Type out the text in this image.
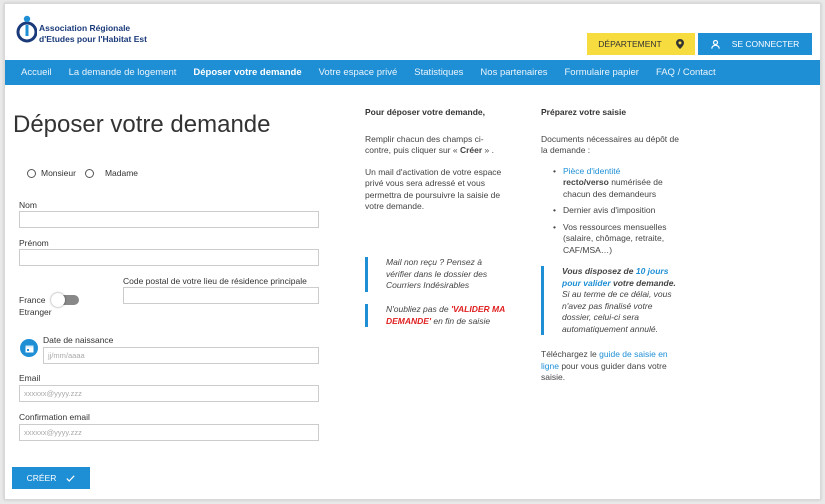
Association Régionale
d'Etudes pour l'Habitat Est
DÉPARTEMENT	SE CONNECTER
Accueil La demande de logement Déposer votre demande Votre espace privé Statistiques Nos partenaires Formulaire papier FAQ / Contact
Déposer votre demande
Monsieur	Madame
Nom
Prénom
Code postal de votre lieu de résidence principale
France
Etranger
Date de naissance
jj/mm/aaaa
Email
xxxxxx@yyyy.zzz
Confirmation email
xxxxxx@yyyy.zzz
CRÉER
Pour déposer votre demande,

Remplir chacun des champs ci-contre, puis cliquer sur « Créer » .

Un mail d'activation de votre espace privé vous sera adressé et vous permettra de poursuivre la saisie de votre demande.

Mail non reçu ? Pensez à vérifier dans le dossier des Courriers Indésirables
N'oubliez pas de 'VALIDER MA DEMANDE' en fin de saisie
Préparez votre saisie

Documents nécessaires au dépôt de la demande :

• Pièce d'identité
recto/verso numérisée de chacun des demandeurs
• Dernier avis d'imposition
• Vos ressources mensuelles (salaire, chômage, retraite, CAF/MSA…)
Vous disposez de 10 jours pour valider votre demande. Si au terme de ce délai, vous n'avez pas finalisé votre dossier, celui-ci sera automatiquement annulé.
Téléchargez le guide de saisie en ligne pour vous guider dans votre saisie.
